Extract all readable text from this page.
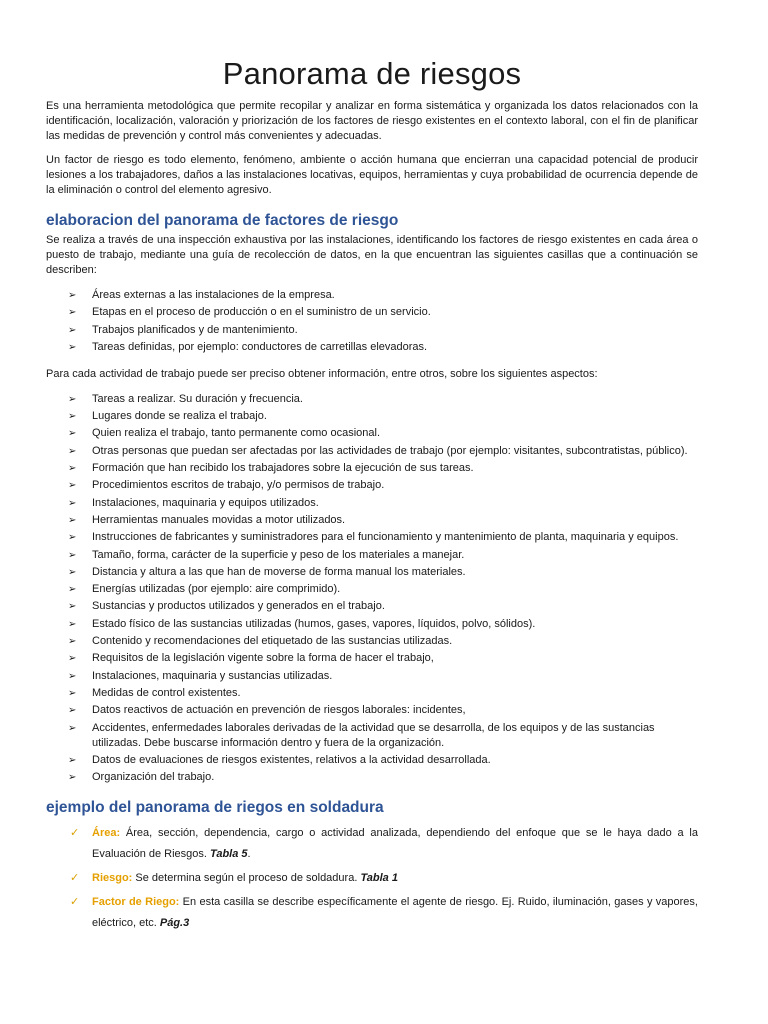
Panorama de riesgos

Es una herramienta metodológica que permite recopilar y analizar en forma sistemática y organizada los datos relacionados con la identificación, localización, valoración y priorización de los factores de riesgo existentes en el contexto laboral, con el fin de planificar las medidas de prevención y control más convenientes y adecuadas.

Un factor de riesgo es todo elemento, fenómeno, ambiente o acción humana que encierran una capacidad potencial de producir lesiones a los trabajadores, daños a las instalaciones locativas, equipos, herramientas y cuya probabilidad de ocurrencia depende de la eliminación o control del elemento agresivo.

elaboracion del panorama de factores de riesgo

Se realiza a través de una inspección exhaustiva por las instalaciones, identificando los factores de riesgo existentes en cada área o puesto de trabajo, mediante una guía de recolección de datos, en la que encuentran las siguientes casillas que a continuación se describen:

➢ Áreas externas a las instalaciones de la empresa.
➢ Etapas en el proceso de producción o en el suministro de un servicio.
➢ Trabajos planificados y de mantenimiento.
➢ Tareas definidas, por ejemplo: conductores de carretillas elevadoras.

Para cada actividad de trabajo puede ser preciso obtener información, entre otros, sobre los siguientes aspectos:

➢ Tareas a realizar. Su duración y frecuencia.
➢ Lugares donde se realiza el trabajo.
➢ Quien realiza el trabajo, tanto permanente como ocasional.
➢ Otras personas que puedan ser afectadas por las actividades de trabajo (por ejemplo: visitantes, subcontratistas, público).
➢ Formación que han recibido los trabajadores sobre la ejecución de sus tareas.
➢ Procedimientos escritos de trabajo, y/o permisos de trabajo.
➢ Instalaciones, maquinaria y equipos utilizados.
➢ Herramientas manuales movidas a motor utilizados.
➢ Instrucciones de fabricantes y suministradores para el funcionamiento y mantenimiento de planta, maquinaria y equipos.
➢ Tamaño, forma, carácter de la superficie y peso de los materiales a manejar.
➢ Distancia y altura a las que han de moverse de forma manual los materiales.
➢ Energías utilizadas (por ejemplo: aire comprimido).
➢ Sustancias y productos utilizados y generados en el trabajo.
➢ Estado físico de las sustancias utilizadas (humos, gases, vapores, líquidos, polvo, sólidos).
➢ Contenido y recomendaciones del etiquetado de las sustancias utilizadas.
➢ Requisitos de la legislación vigente sobre la forma de hacer el trabajo,
➢ Instalaciones, maquinaria y sustancias utilizadas.
➢ Medidas de control existentes.
➢ Datos reactivos de actuación en prevención de riesgos laborales: incidentes,
➢ Accidentes, enfermedades laborales derivadas de la actividad que se desarrolla, de los equipos y de las sustancias utilizadas. Debe buscarse información dentro y fuera de la organización.
➢ Datos de evaluaciones de riesgos existentes, relativos a la actividad desarrollada.
➢ Organización del trabajo.
ejemplo del panorama de riegos en soldadura
✓ Área: Área, sección, dependencia, cargo o actividad analizada, dependiendo del enfoque que se le haya dado a la Evaluación de Riesgos. Tabla 5.
✓ Riesgo: Se determina según el proceso de soldadura. Tabla 1
✓ Factor de Riego: En esta casilla se describe específicamente el agente de riesgo. Ej. Ruido, iluminación, gases y vapores, eléctrico, etc. Pág.3
